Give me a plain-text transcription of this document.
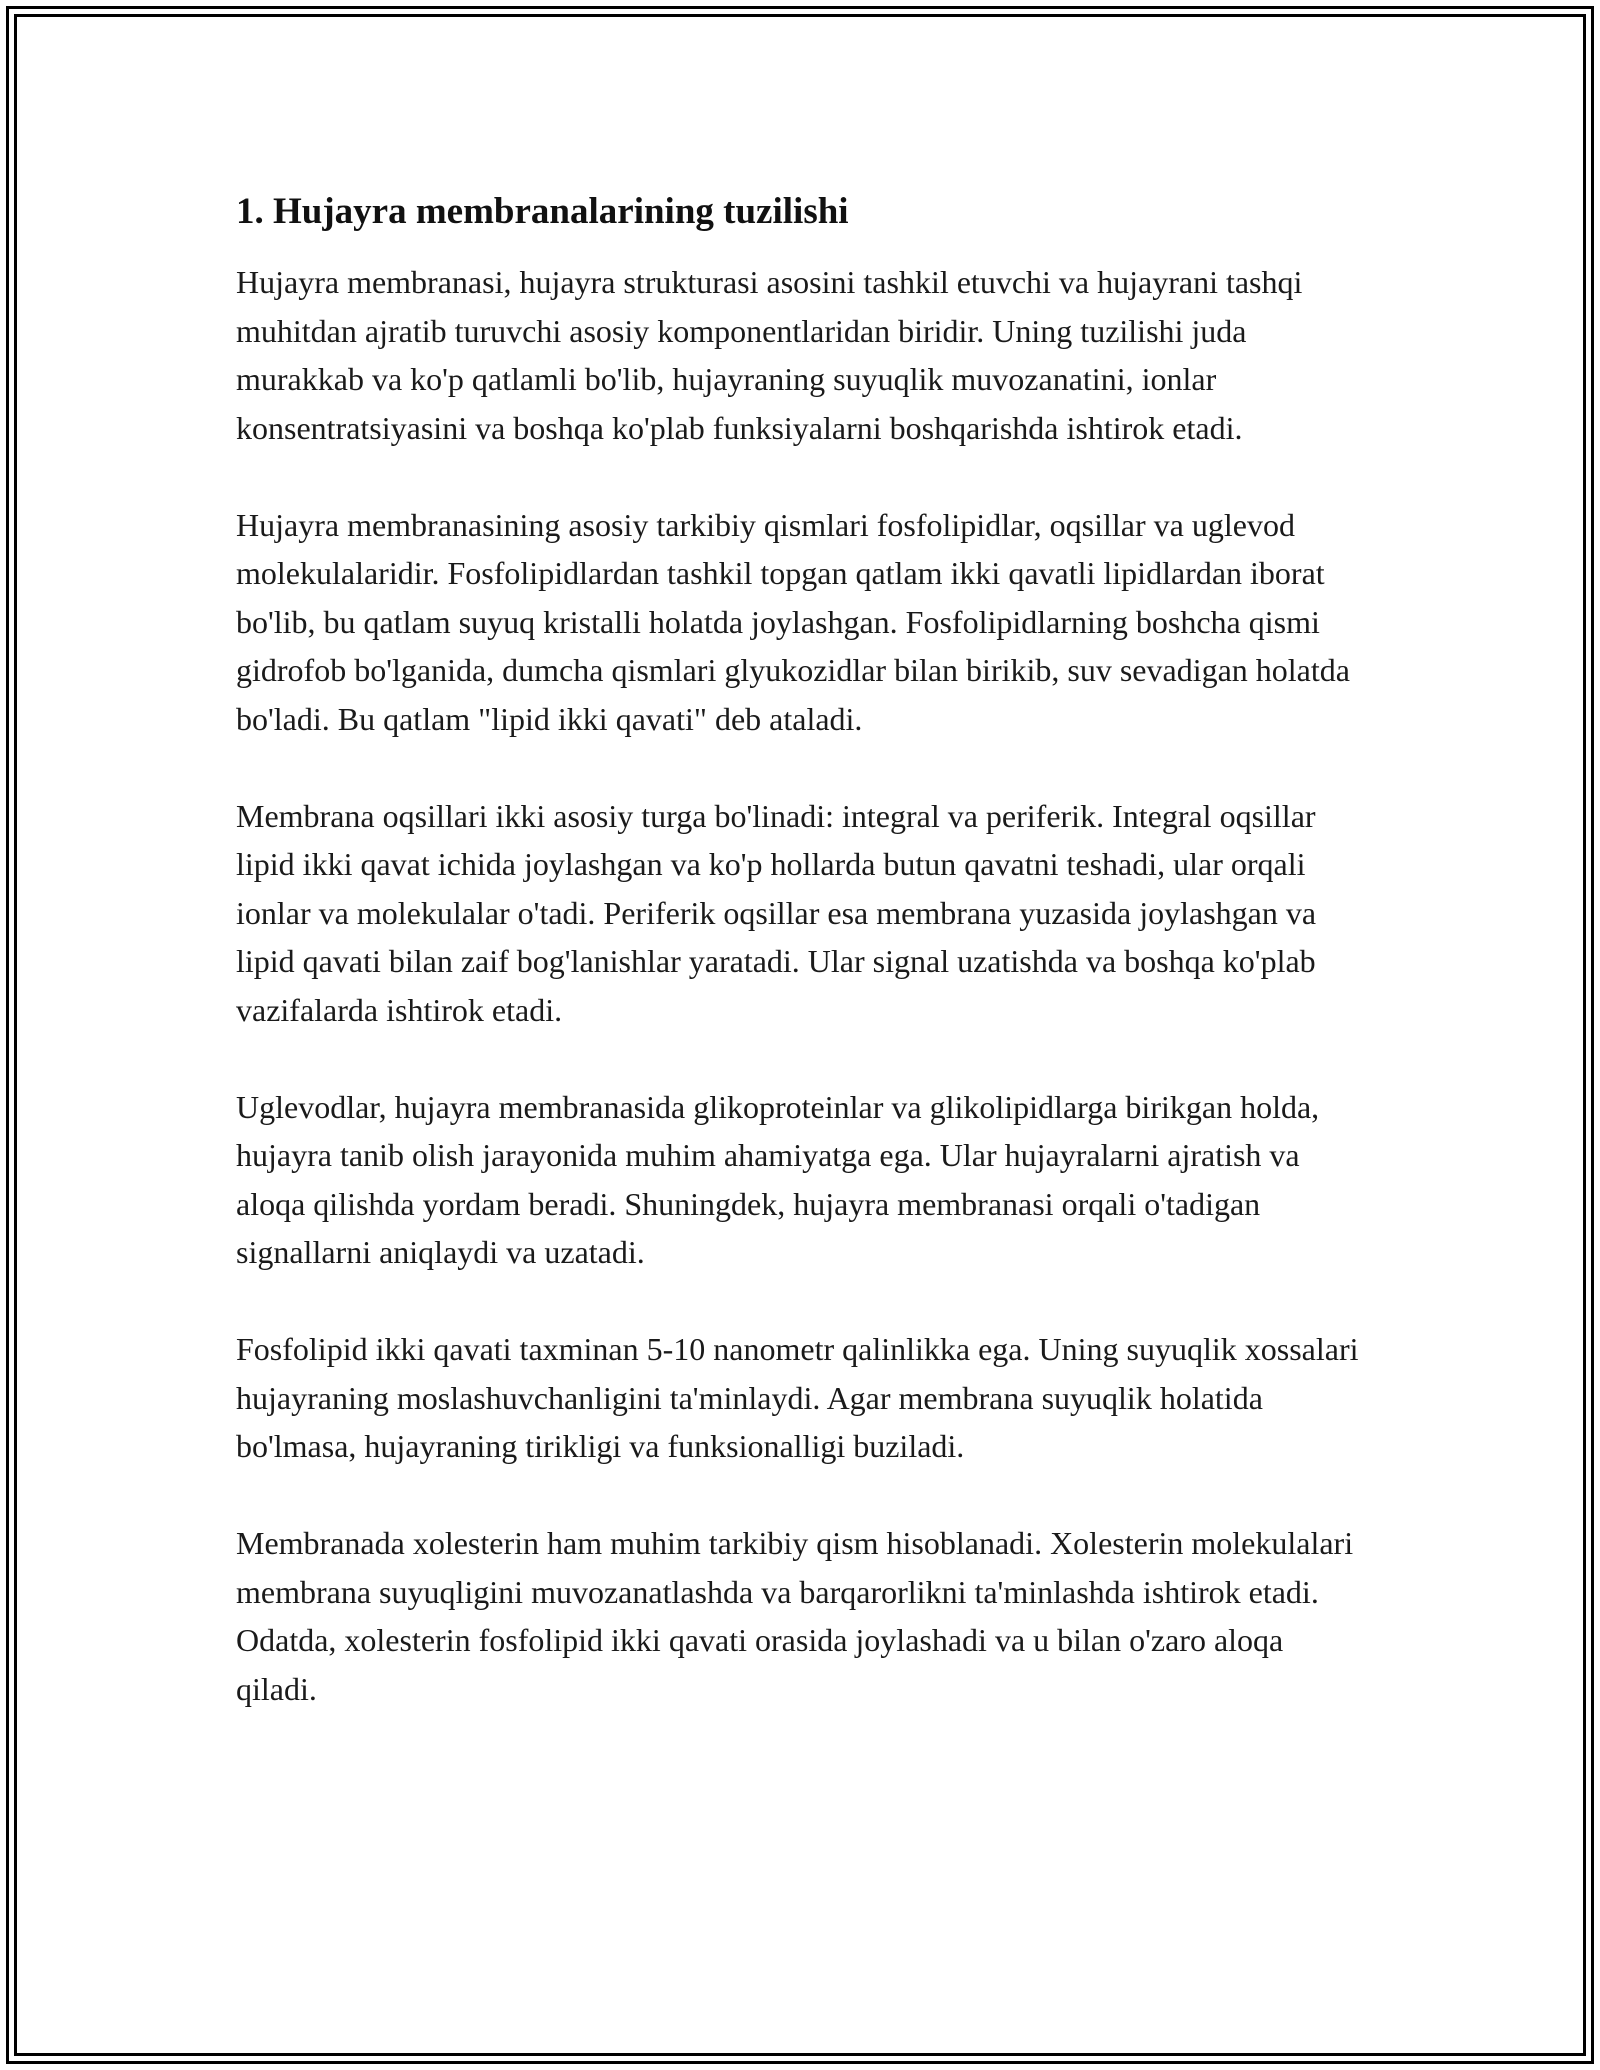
1. Hujayra membranalarining tuzilishi

Hujayra membranasi, hujayra strukturasi asosini tashkil etuvchi va hujayrani tashqi muhitdan ajratib turuvchi asosiy komponentlaridan biridir. Uning tuzilishi juda murakkab va ko'p qatlamli bo'lib, hujayraning suyuqlik muvozanatini, ionlar konsentratsiyasini va boshqa ko'plab funksiyalarni boshqarishda ishtirok etadi.

Hujayra membranasining asosiy tarkibiy qismlari fosfolipidlar, oqsillar va uglevod molekulalaridir. Fosfolipidlardan tashkil topgan qatlam ikki qavatli lipidlardan iborat bo'lib, bu qatlam suyuq kristalli holatda joylashgan. Fosfolipidlarning boshcha qismi gidrofob bo'lganida, dumcha qismlari glyukozidlar bilan birikib, suv sevadigan holatda bo'ladi. Bu qatlam "lipid ikki qavati" deb ataladi.

Membrana oqsillari ikki asosiy turga bo'linadi: integral va periferik. Integral oqsillar lipid ikki qavat ichida joylashgan va ko'p hollarda butun qavatni teshadi, ular orqali ionlar va molekulalar o'tadi. Periferik oqsillar esa membrana yuzasida joylashgan va lipid qavati bilan zaif bog'lanishlar yaratadi. Ular signal uzatishda va boshqa ko'plab vazifalarda ishtirok etadi.

Uglevodlar, hujayra membranasida glikoproteinlar va glikolipidlarga birikgan holda, hujayra tanib olish jarayonida muhim ahamiyatga ega. Ular hujayralarni ajratish va aloqa qilishda yordam beradi. Shuningdek, hujayra membranasi orqali o'tadigan signallarni aniqlaydi va uzatadi.

Fosfolipid ikki qavati taxminan 5-10 nanometr qalinlikka ega. Uning suyuqlik xossalari hujayraning moslashuvchanligini ta'minlaydi. Agar membrana suyuqlik holatida bo'lmasa, hujayraning tirikligi va funksionalligi buziladi.

Membranada xolesterin ham muhim tarkibiy qism hisoblanadi. Xolesterin molekulalari membrana suyuqligini muvozanatlashda va barqarorlikni ta'minlashda ishtirok etadi. Odatda, xolesterin fosfolipid ikki qavati orasida joylashadi va u bilan o'zaro aloqa qiladi.
